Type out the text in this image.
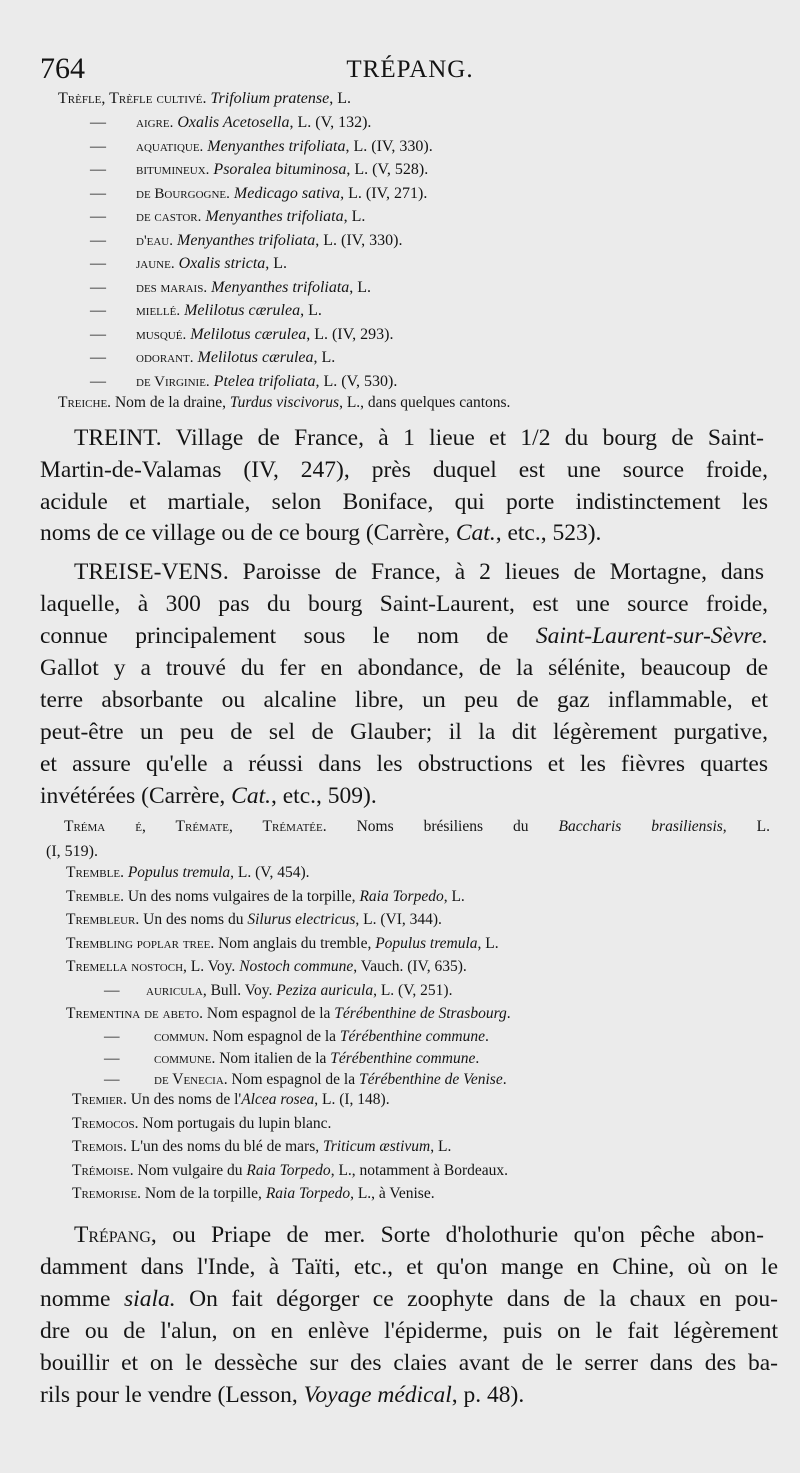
764	TRÉPANG.
Trèfle, Trèfle cultivé. Trifolium pratense, L.
— aigre. Oxalis Acetosella, L. (V, 132).
— aquatique. Menyanthes trifoliata, L. (IV, 330).
— bitumineux. Psoralea bituminosa, L. (V, 528).
— de Bourgogne. Medicago sativa, L. (IV, 271).
— de castor. Menyanthes trifoliata, L.
— d'eau. Menyanthes trifoliata, L. (IV, 330).
— jaune. Oxalis stricta, L.
— des marais. Menyanthes trifoliata, L.
— miellé. Melilotus cærulea, L.
— musqué. Melilotus cærulea, L. (IV, 293).
— odorant. Melilotus cærulea, L.
— de Virginie. Ptelea trifoliata, L. (V, 530).
Treiche. Nom de la draine, Turdus viscivorus, L., dans quelques cantons.
TREINT. Village de France, à 1 lieue et 1/2 du bourg de Saint-
Martin-de-Valamas (IV, 247), près duquel est une source froide,
acidule et martiale, selon Boniface, qui porte indistinctement les
noms de ce village ou de ce bourg (Carrère, Cat., etc., 523).
TREISE-VENS. Paroisse de France, à 2 lieues de Mortagne, dans
laquelle, à 300 pas du bourg Saint-Laurent, est une source froide,
connue principalement sous le nom de Saint-Laurent-sur-Sèvre.
Gallot y a trouvé du fer en abondance, de la sélénite, beaucoup de
terre absorbante ou alcaline libre, un peu de gaz inflammable, et
peut-être un peu de sel de Glauber; il la dit légèrement purgative,
et assure qu'elle a réussi dans les obstructions et les fièvres quartes
invétérées (Carrère, Cat., etc., 509).
Tréma é, Trémate, Trématée. Noms brésiliens du Baccharis brasiliensis, L.
(I, 519).
Tremble. Populus tremula, L. (V, 454).
Tremble. Un des noms vulgaires de la torpille, Raia Torpedo, L.
Trembleur. Un des noms du Silurus electricus, L. (VI, 344).
Trembling poplar tree. Nom anglais du tremble, Populus tremula, L.
Tremella nostoch, L. Voy. Nostoch commune, Vauch. (IV, 635).
— auricula, Bull. Voy. Peziza auricula, L. (V, 251).
Trementina de abeto. Nom espagnol de la Térébenthine de Strasbourg.
— commun. Nom espagnol de la Térébenthine commune.
— commune. Nom italien de la Térébenthine commune.
— de Venecia. Nom espagnol de la Térébenthine de Venise.
Tremier. Un des noms de l'Alcea rosea, L. (I, 148).
Tremocos. Nom portugais du lupin blanc.
Tremois. L'un des noms du blé de mars, Triticum æstivum, L.
Trémoise. Nom vulgaire du Raia Torpedo, L., notamment à Bordeaux.
Tremorise. Nom de la torpille, Raia Torpedo, L., à Venise.
Trépang, ou Priape de mer. Sorte d'holothurie qu'on pêche abon-
damment dans l'Inde, à Taïti, etc., et qu'on mange en Chine, où on le
nomme siala. On fait dégorger ce zoophyte dans de la chaux en pou-
dre ou de l'alun, on en enlève l'épiderme, puis on le fait légèrement
bouillir et on le dessèche sur des claies avant de le serrer dans des ba-
rils pour le vendre (Lesson, Voyage médical, p. 48).
